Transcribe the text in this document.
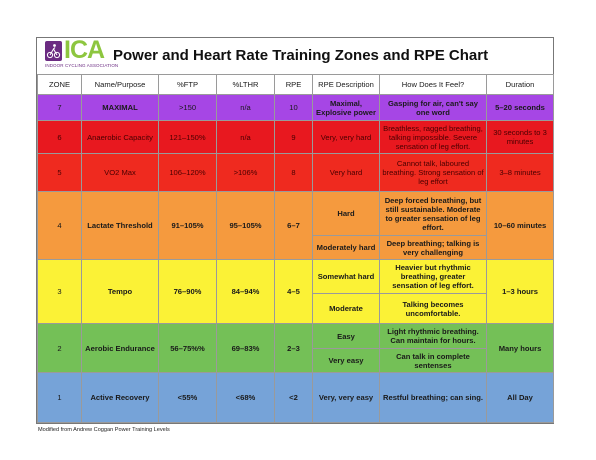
ICA
INDOOR CYCLING ASSOCIATION
Power and Heart Rate Training Zones and RPE Chart
ZONE	Name/Purpose	%FTP	%LTHR	RPE	RPE Description	How Does It Feel?	Duration
7	MAXIMAL	>150	n/a	10	Maximal, Explosive power	Gasping for air, can't say one word	5–20 seconds
6	Anaerobic Capacity	121–150%	n/a	9	Very, very hard	Breathless, ragged breathing, talking impossible. Severe sensation of leg effort.	30 seconds to 3 minutes
5	VO2 Max	106–120%	>106%	8	Very hard	Cannot talk, laboured breathing. Strong sensation of leg effort	3–8 minutes
4	Lactate Threshold	91–105%	95–105%	6–7	Hard	Deep forced breathing, but still sustainable. Moderate to greater sensation of leg effort.	10–60 minutes
					Moderately hard	Deep breathing; talking is very challenging	
3	Tempo	76–90%	84–94%	4–5	Somewhat hard	Heavier but rhythmic breathing, greater sensation of leg effort.	1–3 hours
					Moderate	Talking becomes uncomfortable.	
2	Aerobic Endurance	56–75%%	69–83%	2–3	Easy	Light rhythmic breathing. Can maintain for hours.	Many hours
					Very easy	Can talk in complete sentenses	
1	Active Recovery	<55%	<68%	<2	Very, very easy	Restful breathing; can sing.	All Day
Modified from Andrew Coggan Power Training Levels
